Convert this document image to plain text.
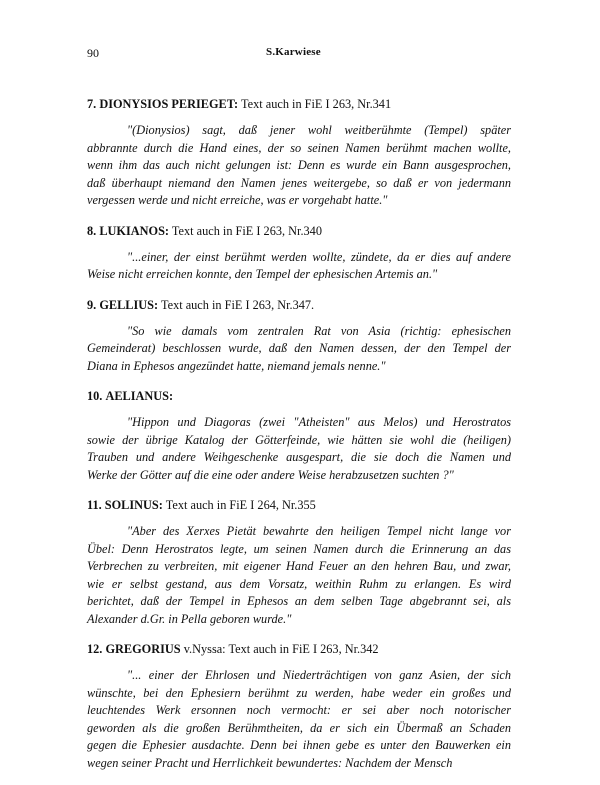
90	S.Karwiese
7. DIONYSIOS PERIEGET: Text auch in FiE I 263, Nr.341
"(Dionysios) sagt, daß jener wohl weitberühmte (Tempel) später
abbrannte durch die Hand eines, der so seinen Namen berühmt machen wollte,
wenn ihm das auch nicht gelungen ist: Denn es wurde ein Bann ausgesprochen,
daß überhaupt niemand den Namen jenes weitergebe, so daß er von jedermann
vergessen werde und nicht erreiche, was er vorgehabt hatte."
8. LUKIANOS: Text auch in FiE I 263, Nr.340
"...einer, der einst berühmt werden wollte, zündete, da er dies auf andere
Weise nicht erreichen konnte, den Tempel der ephesischen Artemis an."
9. GELLIUS: Text auch in FiE I 263, Nr.347.
"So wie damals vom zentralen Rat von Asia (richtig: ephesischen
Gemeinderat) beschlossen wurde, daß den Namen dessen, der den Tempel der
Diana in Ephesos angezündet hatte, niemand jemals nenne."
10. AELIANUS:
"Hippon und Diagoras (zwei "Atheisten" aus Melos) und Herostratos
sowie der übrige Katalog der Götterfeinde, wie hätten sie wohl die (heiligen)
Trauben und andere Weihgeschenke ausgespart, die sie doch die Namen und
Werke der Götter auf die eine oder andere Weise herabzusetzen suchten ?"
11. SOLINUS: Text auch in FiE I 264, Nr.355
"Aber des Xerxes Pietät bewahrte den heiligen Tempel nicht lange vor
Übel: Denn Herostratos legte, um seinen Namen durch die Erinnerung an das
Verbrechen zu verbreiten, mit eigener Hand Feuer an den hehren Bau, und zwar,
wie er selbst gestand, aus dem Vorsatz, weithin Ruhm zu erlangen. Es wird
berichtet, daß der Tempel in Ephesos an dem selben Tage abgebrannt sei, als
Alexander d.Gr. in Pella geboren wurde."
12. GREGORIUS v.Nyssa: Text auch in FiE I 263, Nr.342
"... einer der Ehrlosen und Niederträchtigen von ganz Asien, der sich
wünschte, bei den Ephesiern berühmt zu werden, habe weder ein großes und
leuchtendes Werk ersonnen noch vermocht: er sei aber noch notorischer
geworden als die großen Berühmtheiten, da er sich ein Übermaß an Schaden
gegen die Ephesier ausdachte. Denn bei ihnen gebe es unter den Bauwerken ein
wegen seiner Pracht und Herrlichkeit bewundertes: Nachdem der Mensch
